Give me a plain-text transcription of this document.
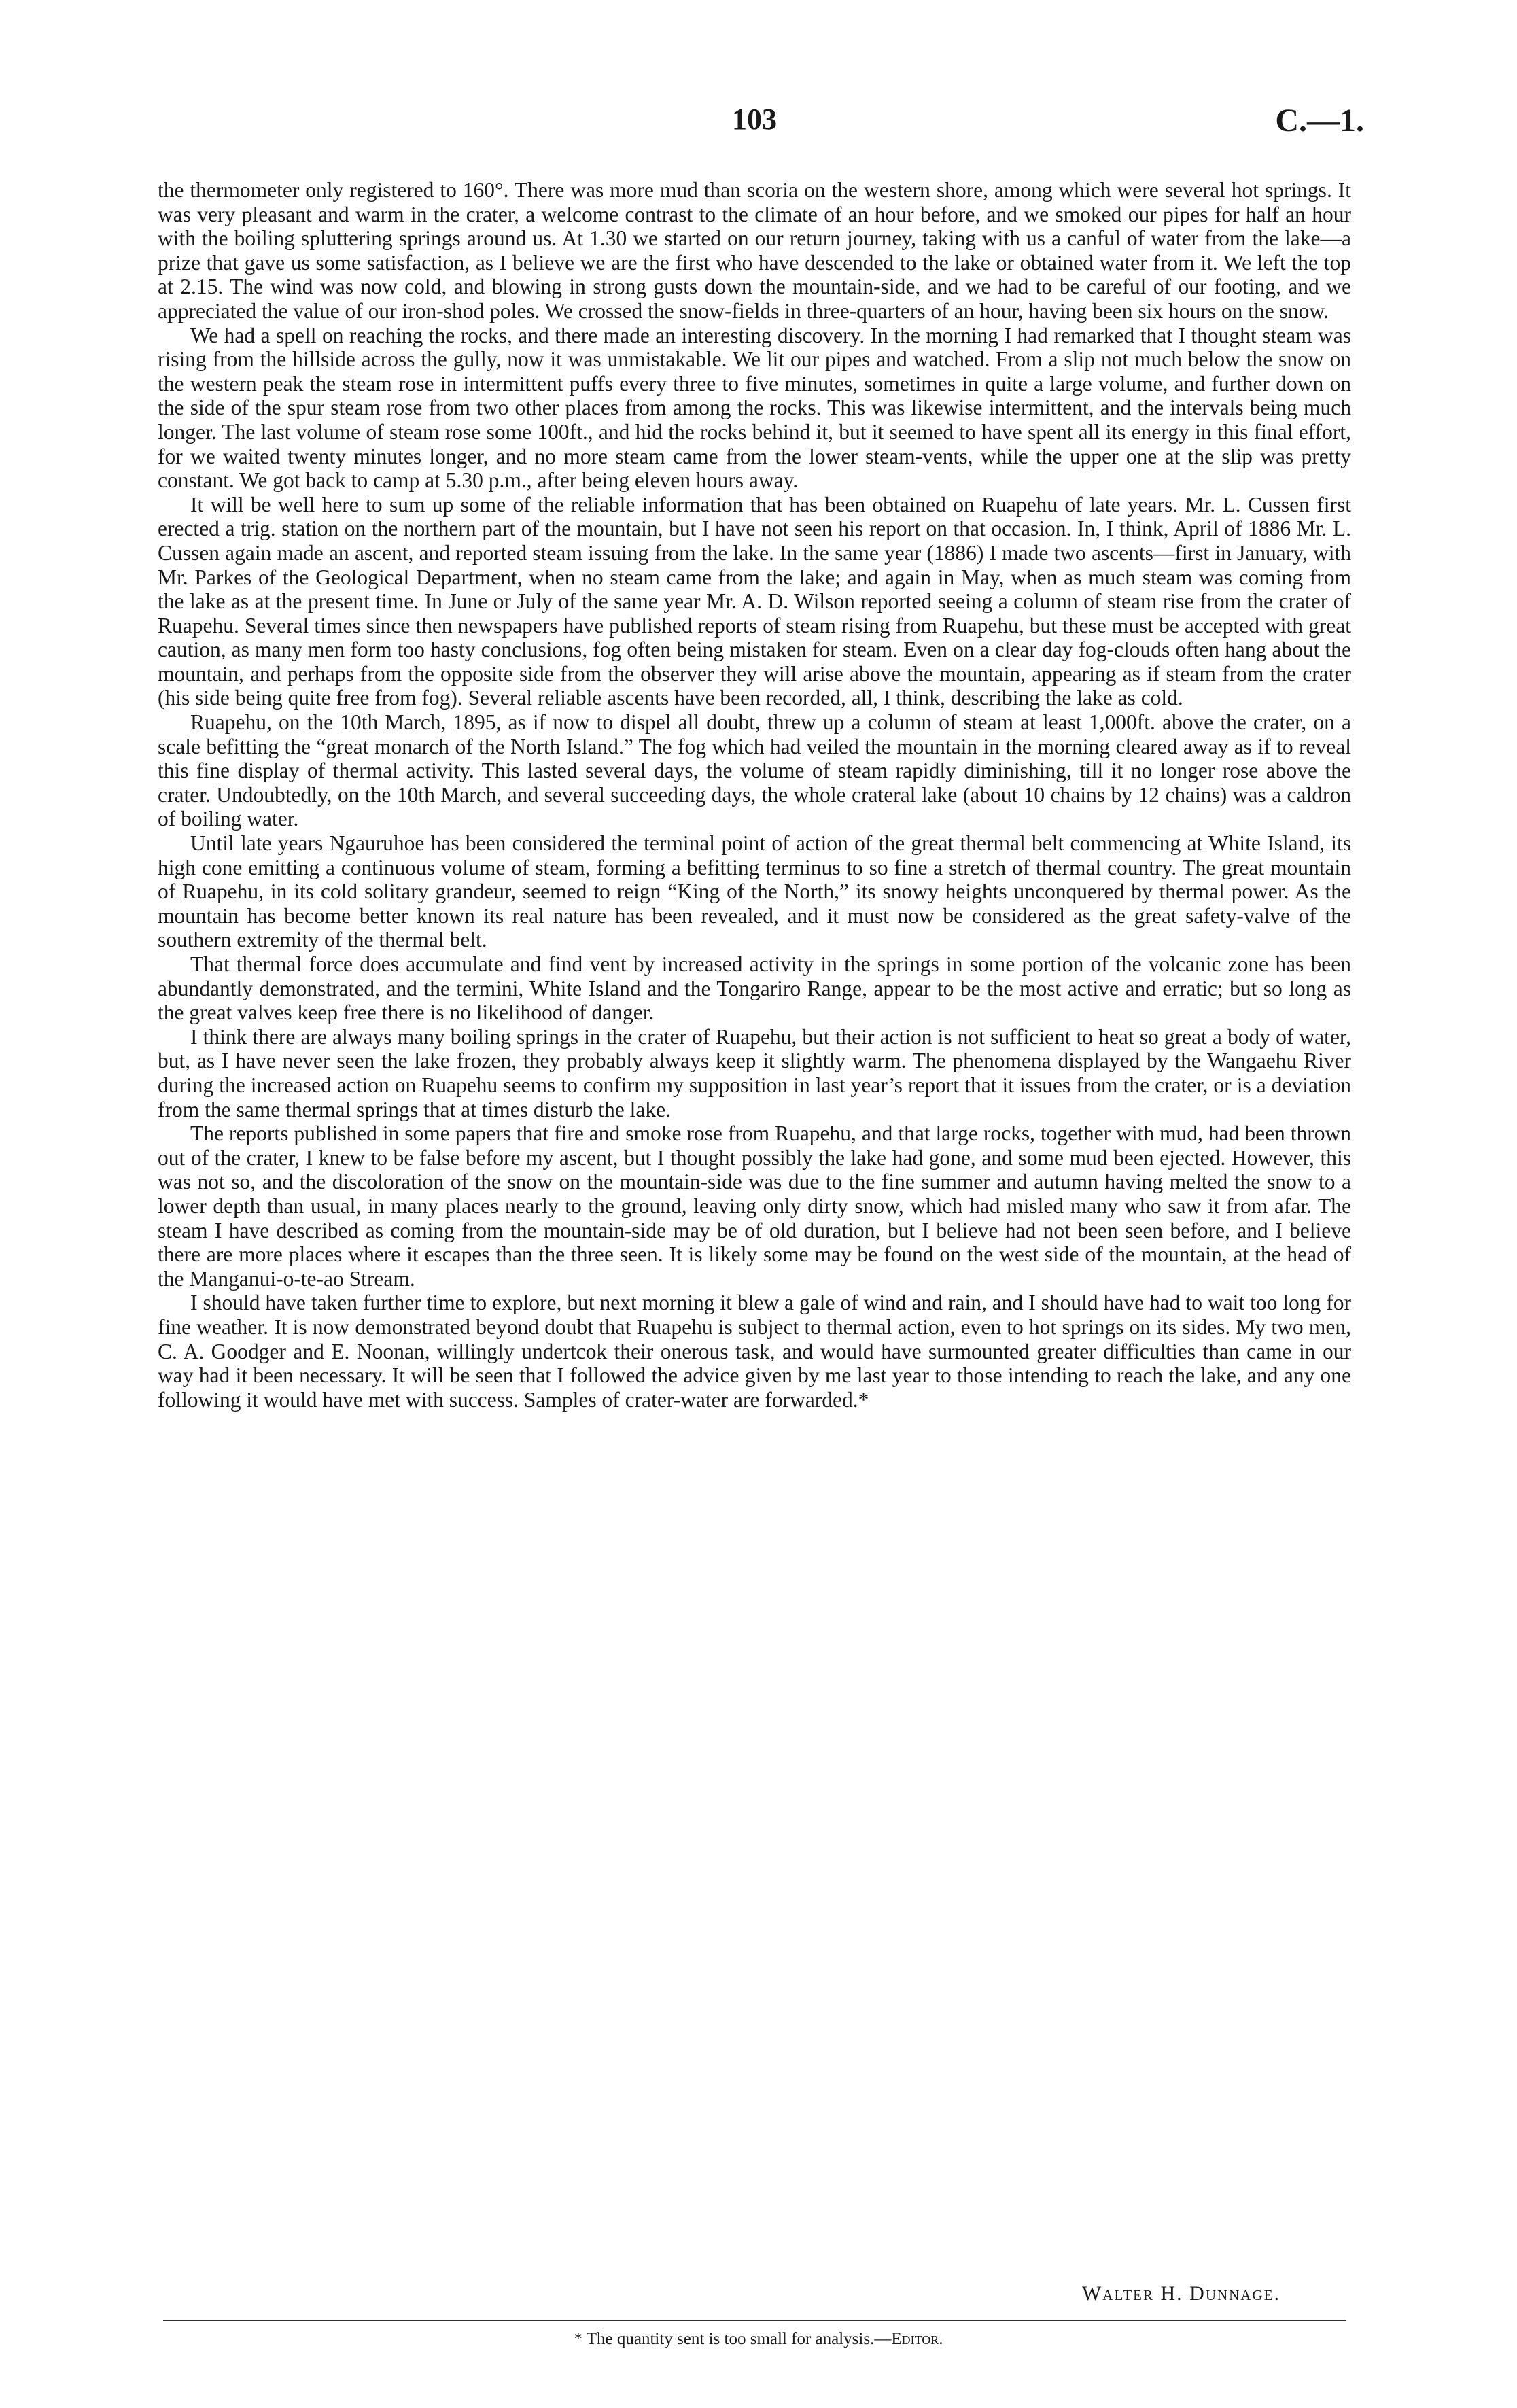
103	C.—1.

the thermometer only registered to 160°. There was more mud than scoria on the western shore, among which were several hot springs. It was very pleasant and warm in the crater, a welcome contrast to the climate of an hour before, and we smoked our pipes for half an hour with the boiling spluttering springs around us. At 1.30 we started on our return journey, taking with us a canful of water from the lake—a prize that gave us some satisfaction, as I believe we are the first who have descended to the lake or obtained water from it. We left the top at 2.15. The wind was now cold, and blowing in strong gusts down the mountain-side, and we had to be careful of our footing, and we appreciated the value of our iron-shod poles. We crossed the snow-fields in three-quarters of an hour, having been six hours on the snow.

We had a spell on reaching the rocks, and there made an interesting discovery. In the morning I had remarked that I thought steam was rising from the hillside across the gully, now it was unmistakable. We lit our pipes and watched. From a slip not much below the snow on the western peak the steam rose in intermittent puffs every three to five minutes, sometimes in quite a large volume, and further down on the side of the spur steam rose from two other places from among the rocks. This was likewise intermittent, and the intervals being much longer. The last volume of steam rose some 100ft., and hid the rocks behind it, but it seemed to have spent all its energy in this final effort, for we waited twenty minutes longer, and no more steam came from the lower steam-vents, while the upper one at the slip was pretty constant. We got back to camp at 5.30 p.m., after being eleven hours away.

It will be well here to sum up some of the reliable information that has been obtained on Ruapehu of late years. Mr. L. Cussen first erected a trig. station on the northern part of the mountain, but I have not seen his report on that occasion. In, I think, April of 1886 Mr. L. Cussen again made an ascent, and reported steam issuing from the lake. In the same year (1886) I made two ascents—first in January, with Mr. Parkes of the Geological Department, when no steam came from the lake; and again in May, when as much steam was coming from the lake as at the present time. In June or July of the same year Mr. A. D. Wilson reported seeing a column of steam rise from the crater of Ruapehu. Several times since then newspapers have published reports of steam rising from Ruapehu, but these must be accepted with great caution, as many men form too hasty conclusions, fog often being mistaken for steam. Even on a clear day fog-clouds often hang about the mountain, and perhaps from the opposite side from the observer they will arise above the mountain, appearing as if steam from the crater (his side being quite free from fog). Several reliable ascents have been recorded, all, I think, describing the lake as cold.

Ruapehu, on the 10th March, 1895, as if now to dispel all doubt, threw up a column of steam at least 1,000ft. above the crater, on a scale befitting the “great monarch of the North Island.” The fog which had veiled the mountain in the morning cleared away as if to reveal this fine display of thermal activity. This lasted several days, the volume of steam rapidly diminishing, till it no longer rose above the crater. Undoubtedly, on the 10th March, and several succeeding days, the whole crateral lake (about 10 chains by 12 chains) was a caldron of boiling water.

Until late years Ngauruhoe has been considered the terminal point of action of the great thermal belt commencing at White Island, its high cone emitting a continuous volume of steam, forming a befitting terminus to so fine a stretch of thermal country. The great mountain of Ruapehu, in its cold solitary grandeur, seemed to reign “King of the North,” its snowy heights unconquered by thermal power. As the mountain has become better known its real nature has been revealed, and it must now be considered as the great safety-valve of the southern extremity of the thermal belt.

That thermal force does accumulate and find vent by increased activity in the springs in some portion of the volcanic zone has been abundantly demonstrated, and the termini, White Island and the Tongariro Range, appear to be the most active and erratic; but so long as the great valves keep free there is no likelihood of danger.

I think there are always many boiling springs in the crater of Ruapehu, but their action is not sufficient to heat so great a body of water, but, as I have never seen the lake frozen, they probably always keep it slightly warm. The phenomena displayed by the Wangaehu River during the increased action on Ruapehu seems to confirm my supposition in last year’s report that it issues from the crater, or is a deviation from the same thermal springs that at times disturb the lake.

The reports published in some papers that fire and smoke rose from Ruapehu, and that large rocks, together with mud, had been thrown out of the crater, I knew to be false before my ascent, but I thought possibly the lake had gone, and some mud been ejected. However, this was not so, and the discoloration of the snow on the mountain-side was due to the fine summer and autumn having melted the snow to a lower depth than usual, in many places nearly to the ground, leaving only dirty snow, which had misled many who saw it from afar. The steam I have described as coming from the mountain-side may be of old duration, but I believe had not been seen before, and I believe there are more places where it escapes than the three seen. It is likely some may be found on the west side of the mountain, at the head of the Manganui-o-te-ao Stream.

I should have taken further time to explore, but next morning it blew a gale of wind and rain, and I should have had to wait too long for fine weather. It is now demonstrated beyond doubt that Ruapehu is subject to thermal action, even to hot springs on its sides. My two men, C. A. Goodger and E. Noonan, willingly undertcok their onerous task, and would have surmounted greater difficulties than came in our way had it been necessary. It will be seen that I followed the advice given by me last year to those intending to reach the lake, and any one following it would have met with success. Samples of crater-water are forwarded.*

Walter H. Dunnage.
* The quantity sent is too small for analysis.—Editor.
